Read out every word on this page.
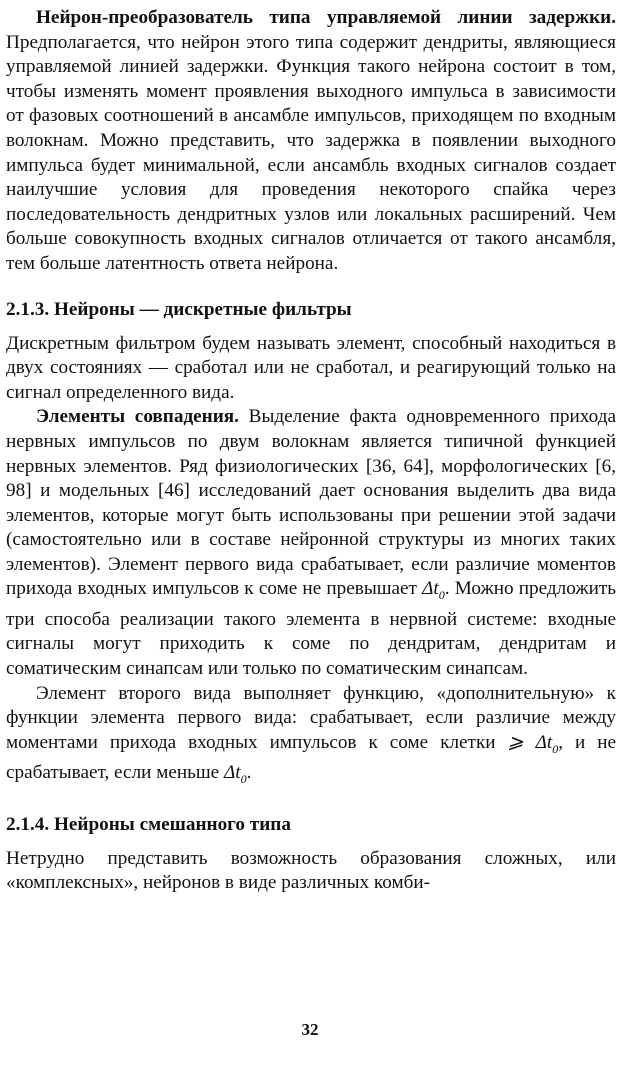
Нейрон-преобразователь типа управляемой линии задержки. Предполагается, что нейрон этого типа содержит дендриты, являющиеся управляемой линией задержки. Функция такого нейрона состоит в том, чтобы изменять момент проявления выходного импульса в зависимости от фазовых соотношений в ансамбле импульсов, приходящем по входным волокнам. Можно представить, что задержка в появлении выходного импульса будет минимальной, если ансамбль входных сигналов создает наилучшие условия для проведения некоторого спайка через последовательность дендритных узлов или локальных расширений. Чем больше совокупность входных сигналов отличается от такого ансамбля, тем больше латентность ответа нейрона.

2.1.3. Нейроны — дискретные фильтры

Дискретным фильтром будем называть элемент, способный находиться в двух состояниях — сработал или не сработал, и реагирующий только на сигнал определенного вида.

Элементы совпадения. Выделение факта одновременного прихода нервных импульсов по двум волокнам является типичной функцией нервных элементов. Ряд физиологических [36, 64], морфологических [6, 98] и модельных [46] исследований дает основания выделить два вида элементов, которые могут быть использованы при решении этой задачи (самостоятельно или в составе нейронной структуры из многих таких элементов). Элемент первого вида срабатывает, если различие моментов прихода входных импульсов к соме не превышает $\Delta t_0$. Можно предложить три способа реализации такого элемента в нервной системе: входные сигналы могут приходить к соме по дендритам, дендритам и соматическим синапсам или только по соматическим синапсам.

Элемент второго вида выполняет функцию, «дополнительную» к функции элемента первого вида: срабатывает, если различие между моментами прихода входных импульсов к соме клетки ⩾ $\Delta t_0$, и не срабатывает, если меньше $\Delta t_0$.

2.1.4. Нейроны смешанного типа

Нетрудно представить возможность образования сложных, или «комплексных», нейронов в виде различных комби-

32
